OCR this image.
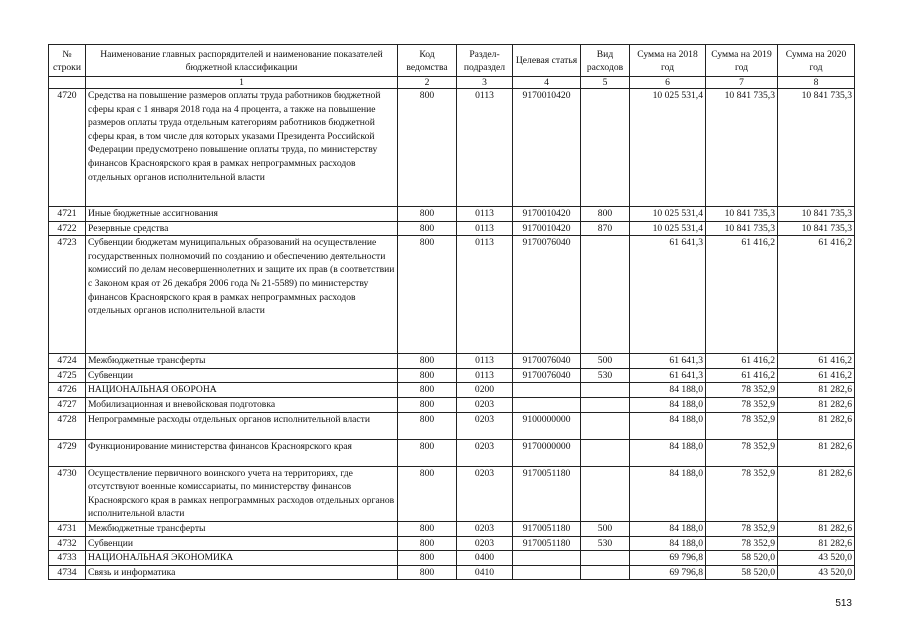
№ строки	Наименование главных распорядителей и наименование показателей бюджетной классификации	Код ведомства	Раздел-подраздел	Целевая статья	Вид расходов	Сумма на 2018 год	Сумма на 2019 год	Сумма на 2020 год
	1	2	3	4	5	6	7	8
4720	Средства на повышение размеров оплаты труда работников бюджетной сферы края с 1 января 2018 года на 4 процента, а также на повышение размеров оплаты труда отдельным категориям работников бюджетной сферы края, в том числе для которых указами Президента Российской Федерации предусмотрено повышение оплаты труда, по министерству финансов Красноярского края в рамках непрограммных расходов отдельных органов исполнительной власти	800	0113	9170010420		10 025 531,4	10 841 735,3	10 841 735,3
4721	Иные бюджетные ассигнования	800	0113	9170010420	800	10 025 531,4	10 841 735,3	10 841 735,3
4722	Резервные средства	800	0113	9170010420	870	10 025 531,4	10 841 735,3	10 841 735,3
4723	Субвенции бюджетам муниципальных образований на осуществление государственных полномочий по созданию и обеспечению деятельности комиссий по делам несовершеннолетних и защите их прав (в соответствии с Законом края от 26 декабря 2006 года № 21-5589) по министерству финансов Красноярского края в рамках непрограммных расходов отдельных органов исполнительной власти	800	0113	9170076040		61 641,3	61 416,2	61 416,2
4724	Межбюджетные трансферты	800	0113	9170076040	500	61 641,3	61 416,2	61 416,2
4725	Субвенции	800	0113	9170076040	530	61 641,3	61 416,2	61 416,2
4726	НАЦИОНАЛЬНАЯ ОБОРОНА	800	0200			84 188,0	78 352,9	81 282,6
4727	Мобилизационная и вневойсковая подготовка	800	0203			84 188,0	78 352,9	81 282,6
4728	Непрограммные расходы отдельных органов исполнительной власти	800	0203	9100000000		84 188,0	78 352,9	81 282,6
4729	Функционирование министерства финансов Красноярского края	800	0203	9170000000		84 188,0	78 352,9	81 282,6
4730	Осуществление первичного воинского учета на территориях, где отсутствуют военные комиссариаты, по министерству финансов Красноярского края в рамках непрограммных расходов отдельных органов исполнительной власти	800	0203	9170051180		84 188,0	78 352,9	81 282,6
4731	Межбюджетные трансферты	800	0203	9170051180	500	84 188,0	78 352,9	81 282,6
4732	Субвенции	800	0203	9170051180	530	84 188,0	78 352,9	81 282,6
4733	НАЦИОНАЛЬНАЯ ЭКОНОМИКА	800	0400			69 796,8	58 520,0	43 520,0
4734	Связь и информатика	800	0410			69 796,8	58 520,0	43 520,0
513
